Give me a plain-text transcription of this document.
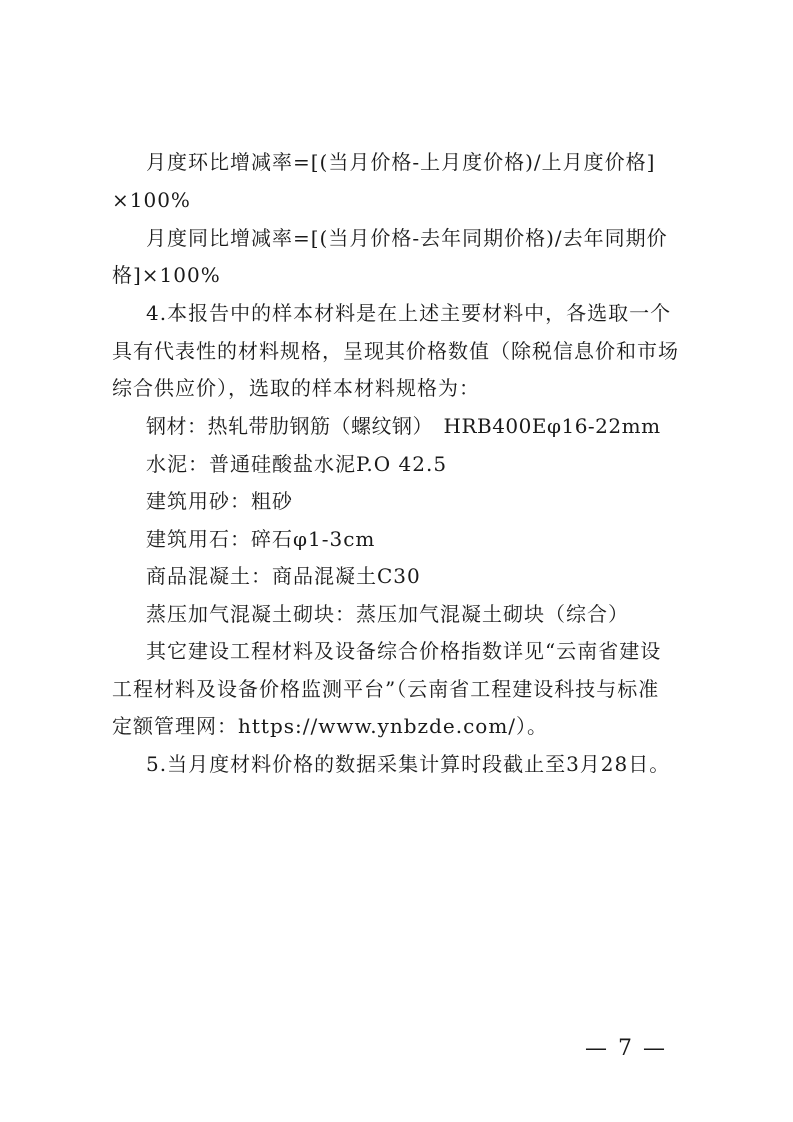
月度环比增减率=[(当月价格-上月度价格)/上月度价格]
×100%
月度同比增减率=[(当月价格-去年同期价格)/去年同期价
格]×100%
4.本报告中的样本材料是在上述主要材料中，各选取一个
具有代表性的材料规格，呈现其价格数值（除税信息价和市场
综合供应价），选取的样本材料规格为：
钢材：热轧带肋钢筋（螺纹钢）　HRB400Eφ16-22mm
水泥：普通硅酸盐水泥P.O 42.5
建筑用砂：粗砂
建筑用石：碎石φ1-3cm
商品混凝土：商品混凝土C30
蒸压加气混凝土砌块：蒸压加气混凝土砌块（综合）
其它建设工程材料及设备综合价格指数详见“云南省建设
工程材料及设备价格监测平台”（云南省工程建设科技与标准
定额管理网：https://www.ynbzde.com/）。
5.当月度材料价格的数据采集计算时段截止至3月28日。
— 7 —
